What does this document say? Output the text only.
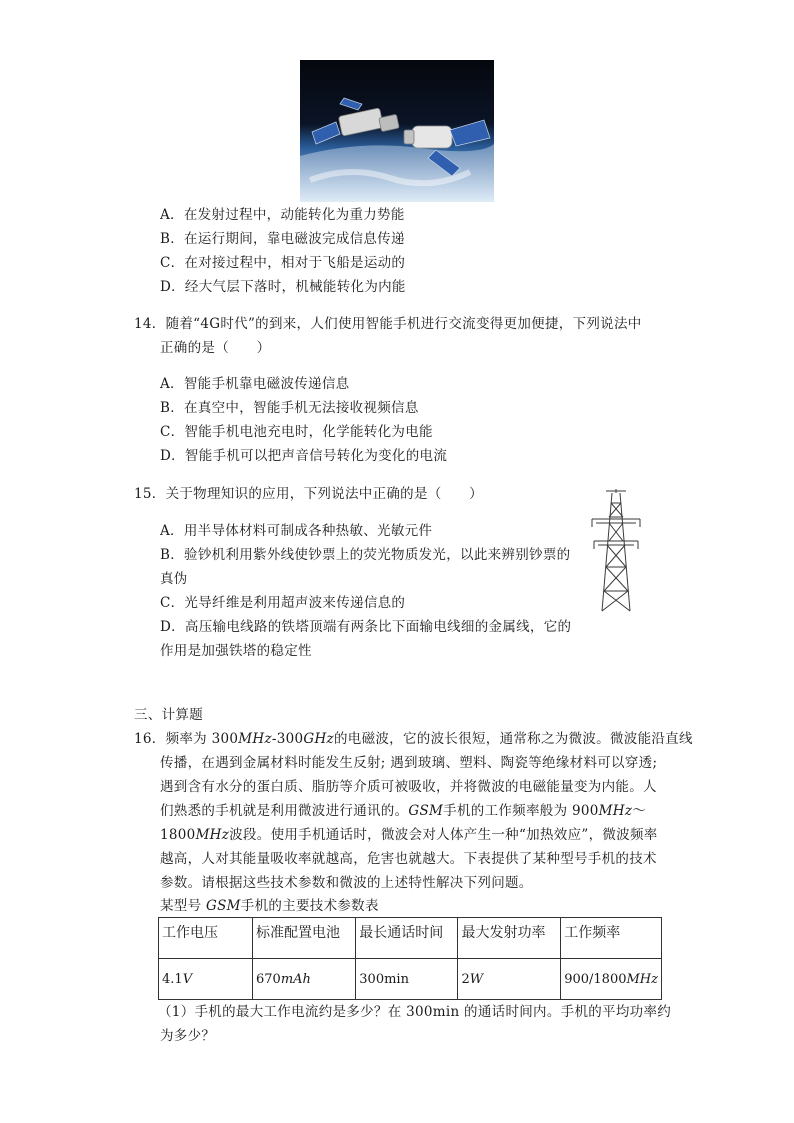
A．在发射过程中，动能转化为重力势能
B．在运行期间，靠电磁波完成信息传递
C．在对接过程中，相对于飞船是运动的
D．经大气层下落时，机械能转化为内能
14．随着“4G时代”的到来，人们使用智能手机进行交流变得更加便捷，下列说法中
正确的是（　　）
A．智能手机靠电磁波传递信息
B．在真空中，智能手机无法接收视频信息
C．智能手机电池充电时，化学能转化为电能
D．智能手机可以把声音信号转化为变化的电流
15．关于物理知识的应用，下列说法中正确的是（　　）
A．用半导体材料可制成各种热敏、光敏元件
B．验钞机利用紫外线使钞票上的荧光物质发光，以此来辨别钞票的
真伪
C．光导纤维是利用超声波来传递信息的
D．高压输电线路的铁塔顶端有两条比下面输电线细的金属线，它的
作用是加强铁塔的稳定性
三、计算题
16．频率为 300MHz-300GHz的电磁波，它的波长很短，通常称之为微波。微波能沿直线
传播，在遇到金属材料时能发生反射; 遇到玻璃、塑料、陶瓷等绝缘材料可以穿透;
遇到含有水分的蛋白质、脂肪等介质可被吸收，并将微波的电磁能量变为内能。人
们熟悉的手机就是利用微波进行通讯的。GSM手机的工作频率般为 900MHz～
1800MHz波段。使用手机通话时，微波会对人体产生一种“加热效应”，微波频率
越高，人对其能量吸收率就越高，危害也就越大。下表提供了某种型号手机的技术
参数。请根据这些技术参数和微波的上述特性解决下列问题。
某型号 GSM手机的主要技术参数表
工作电压	标准配置电池	最长通话时间	最大发射功率	工作频率
4.1V	670mAh	300min	2W	900/1800MHz
（1）手机的最大工作电流约是多少？在 300min 的通话时间内。手机的平均功率约
为多少？
